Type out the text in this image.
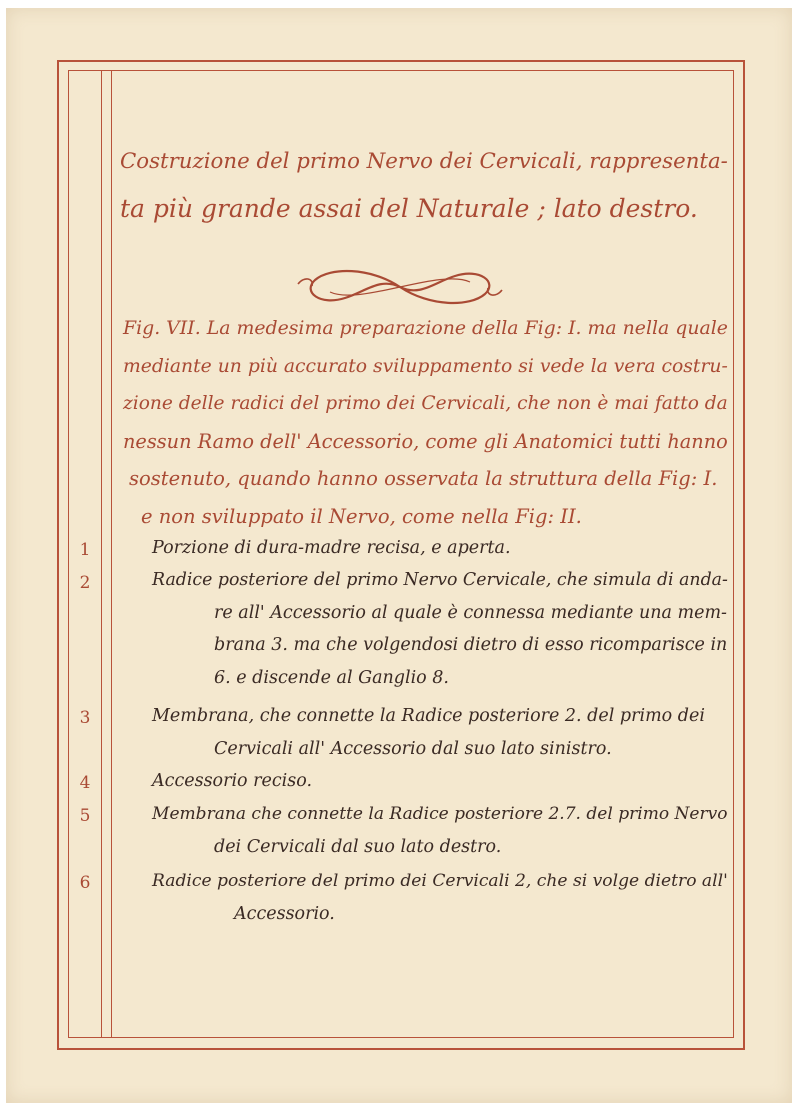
Costruzione del primo Nervo dei Cervicali, rappresenta-
ta più grande assai del Naturale ; lato destro.
Fig. VII. La medesima preparazione della Fig: I. ma nella quale
mediante un più accurato sviluppamento si vede la vera costru-
zione delle radici del primo dei Cervicali, che non è mai fatto da
nessun Ramo dell' Accessorio, come gli Anatomici tutti hanno
sostenuto, quando hanno osservata la struttura della Fig: I.
e non sviluppato il Nervo, come nella Fig: II.
1	Porzione di dura-madre recisa, e aperta.
2	Radice posteriore del primo Nervo Cervicale, che simula di anda-
re all' Accessorio al quale è connessa mediante una mem-
brana 3. ma che volgendosi dietro di esso ricomparisce in
6. e discende al Ganglio 8.
3	Membrana, che connette la Radice posteriore 2. del primo dei
Cervicali all' Accessorio dal suo lato sinistro.
4	Accessorio reciso.
5	Membrana che connette la Radice posteriore 2.7. del primo Nervo
dei Cervicali dal suo lato destro.
6	Radice posteriore del primo dei Cervicali 2, che si volge dietro all'
Accessorio.
